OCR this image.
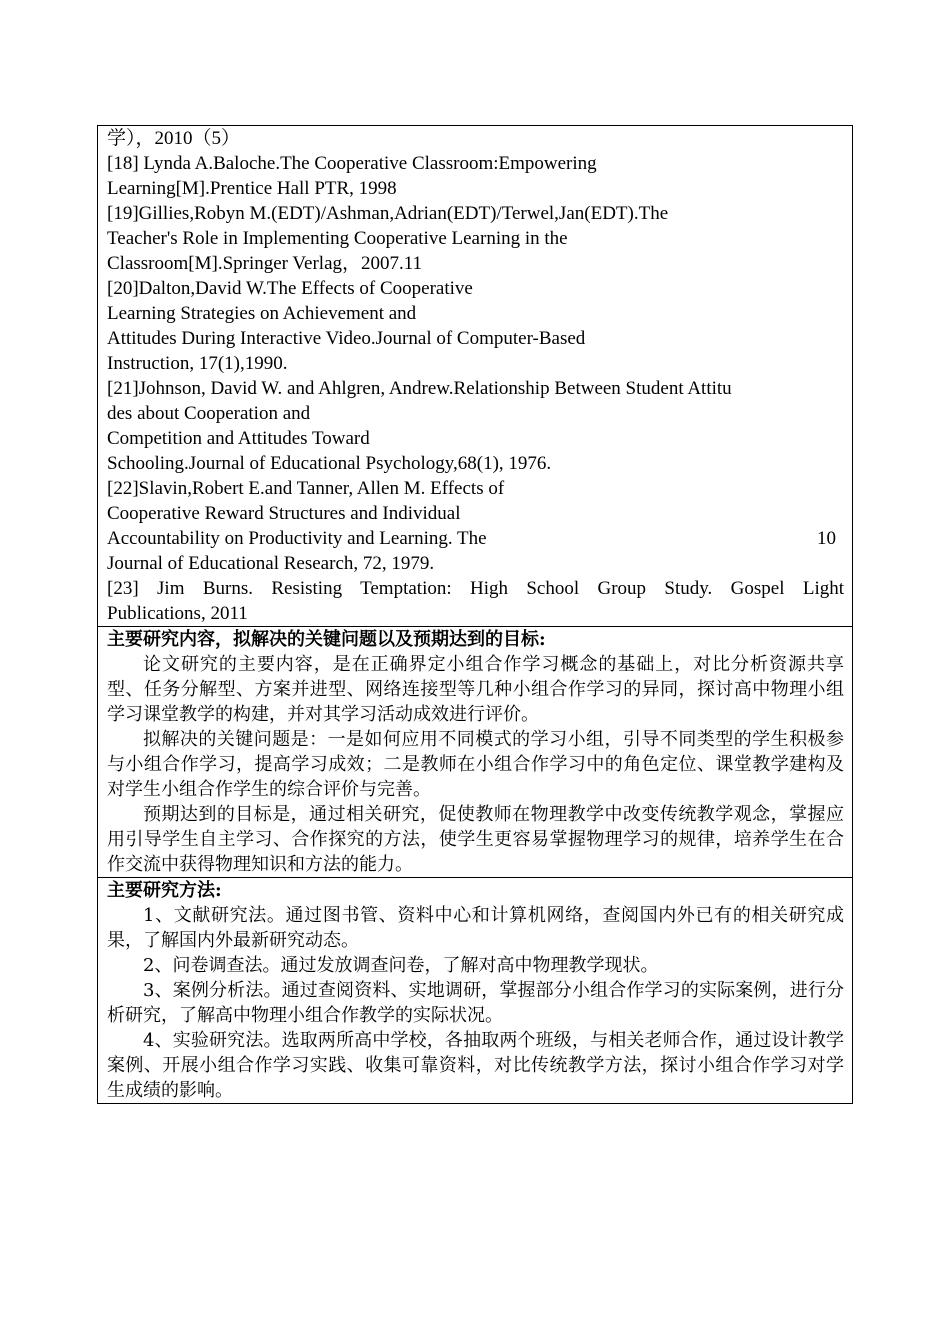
学），2010（5）
[18] Lynda A.Baloche.The Cooperative Classroom:Empowering
Learning[M].Prentice Hall PTR, 1998
[19]Gillies,Robyn M.(EDT)/Ashman,Adrian(EDT)/Terwel,Jan(EDT).The
Teacher's Role in Implementing Cooperative Learning in the
Classroom[M].Springer Verlag，2007.11
[20]Dalton,David W.The Effects of Cooperative
Learning Strategies on Achievement and
Attitudes During Interactive Video.Journal of Computer-Based
Instruction, 17(1),1990.
[21]Johnson, David W. and Ahlgren, Andrew.Relationship Between Student Attitu
des about Cooperation and
Competition and Attitudes Toward
Schooling.Journal of Educational Psychology,68(1), 1976.
[22]Slavin,Robert E.and Tanner, Allen M. Effects of
Cooperative Reward Structures and Individual
Accountability on Productivity and Learning. The	10
Journal of Educational Research, 72, 1979.
[23] Jim Burns. Resisting Temptation: High School Group Study. Gospel Light
Publications, 2011
主要研究内容，拟解决的关键问题以及预期达到的目标:

论文研究的主要内容，是在正确界定小组合作学习概念的基础上，对比分析资源共享型、任务分解型、方案并进型、网络连接型等几种小组合作学习的异同，探讨高中物理小组学习课堂教学的构建，并对其学习活动成效进行评价。

拟解决的关键问题是：一是如何应用不同模式的学习小组，引导不同类型的学生积极参与小组合作学习，提高学习成效；二是教师在小组合作学习中的角色定位、课堂教学建构及对学生小组合作学生的综合评价与完善。

预期达到的目标是，通过相关研究，促使教师在物理教学中改变传统教学观念，掌握应用引导学生自主学习、合作探究的方法，使学生更容易掌握物理学习的规律，培养学生在合作交流中获得物理知识和方法的能力。

主要研究方法:

1、文献研究法。通过图书管、资料中心和计算机网络，查阅国内外已有的相关研究成果，了解国内外最新研究动态。

2、问卷调查法。通过发放调查问卷，了解对高中物理教学现状。

3、案例分析法。通过查阅资料、实地调研，掌握部分小组合作学习的实际案例，进行分析研究，了解高中物理小组合作教学的实际状况。

4、实验研究法。选取两所高中学校，各抽取两个班级，与相关老师合作，通过设计教学案例、开展小组合作学习实践、收集可靠资料，对比传统教学方法，探讨小组合作学习对学生成绩的影响。
